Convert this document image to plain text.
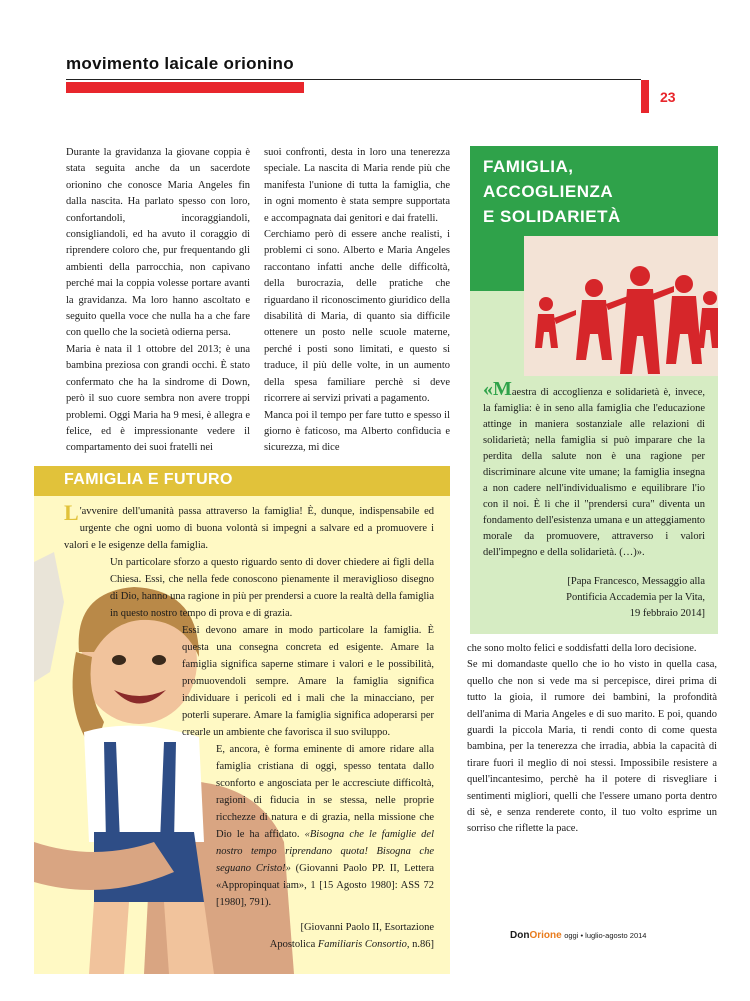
movimento laicale orionino
23

Durante la gravidanza la giovane coppia è stata seguita anche da un sacerdote orionino che conosce Maria Angeles fin dalla nascita. Ha parlato spesso con loro, confortandoli, incoraggiandoli, consigliandoli, ed ha avuto il coraggio di riprendere coloro che, pur frequentando gli ambienti della parrocchia, non capivano perché mai la coppia volesse portare avanti la gravidanza. Ma loro hanno ascoltato e seguito quella voce che nulla ha a che fare con quello che la società odierna persa.

Maria è nata il 1 ottobre del 2013; è una bambina preziosa con grandi occhi. È stato confermato che ha la sindrome di Down, però il suo cuore sembra non avere troppi problemi. Oggi Maria ha 9 mesi, è allegra e felice, ed è impressionante vedere il compartamento dei suoi fratelli nei

suoi confronti, desta in loro una tenerezza speciale. La nascita di Maria rende più che manifesta l'unione di tutta la famiglia, che in ogni momento è stata sempre supportata e accompagnata dai genitori e dai fratelli.

Cerchiamo però di essere anche realisti, i problemi ci sono. Alberto e Maria Angeles raccontano infatti anche delle difficoltà, della burocrazia, delle pratiche che riguardano il riconoscimento giuridico della disabilità di Maria, di quanto sia difficile ottenere un posto nelle scuole materne, perché i posti sono limitati, e questo si traduce, il più delle volte, in un aumento della spesa familiare perchè si deve ricorrere ai servizi privati a pagamento.

Manca poi il tempo per fare tutto e spesso il giorno è faticoso, ma Alberto confiducia e sicurezza, mi dice

FAMIGLIA,
ACCOGLIENZA
E SOLIDARIETÀ
«Maestra di accoglienza e solidarietà è, invece, la famiglia: è in seno alla famiglia che l'educazione attinge in maniera sostanziale alle relazioni di solidarietà; nella famiglia si può imparare che la perdita della salute non è una ragione per discriminare alcune vite umane; la famiglia insegna a non cadere nell'individualismo e equilibrare l'io con il noi. È lì che il "prendersi cura" diventa un fondamento dell'esistenza umana e un atteggiamento morale da promuovere, attraverso i valori dell'impegno e della solidarietà. (…)».
[Papa Francesco, Messaggio alla
Pontificia Accademia per la Vita,
19 febbraio 2014]

che sono molto felici e soddisfatti della loro decisione.

Se mi domandaste quello che io ho visto in quella casa, quello che non si vede ma si percepisce, direi prima di tutto la gioia, il rumore dei bambini, la profondità dell'anima di Maria Angeles e di suo marito. E poi, quando guardi la piccola Maria, ti rendi conto di come questa bambina, per la tenerezza che irradia, abbia la capacità di tirare fuori il meglio di noi stessi. Impossibile resistere a quell'incantesimo, perchè ha il potere di risvegliare i sentimenti migliori, quelli che l'essere umano porta dentro di sè, e senza renderete conto, il tuo volto esprime un sorriso che riflette la pace.

FAMIGLIA E FUTURO
L 'avvenire dell'umanità passa attraverso la famiglia! È, dunque, indispensabile ed urgente che ogni uomo di buona volontà si impegni a salvare ed a promuovere i valori e le esigenze della famiglia.
Un particolare sforzo a questo riguardo sento di dover chiedere ai figli della Chiesa. Essi, che nella fede conoscono pienamente il meraviglioso disegno di Dio, hanno una ragione in più per prendersi a cuore la realtà della famiglia in questo nostro tempo di prova e di grazia.
Essi devono amare in modo particolare la famiglia. È questa una consegna concreta ed esigente. Amare la famiglia significa saperne stimare i valori e le possibilità, promuovendoli sempre. Amare la famiglia significa individuare i pericoli ed i mali che la minacciano, per poterli superare. Amare la famiglia significa adoperarsi per crearle un ambiente che favorisca il suo sviluppo.
E, ancora, è forma eminente di amore ridare alla famiglia cristiana di oggi, spesso tentata dallo sconforto e angosciata per le accresciute difficoltà, ragioni di fiducia in se stessa, nelle proprie ricchezze di natura e di grazia, nella missione che Dio le ha affidato. «Bisogna che le famiglie del nostro tempo riprendano quota! Bisogna che seguano Cristo!» (Giovanni Paolo PP. II, Lettera «Appropinquat iam», 1 [15 Agosto 1980]: ASS 72 [1980], 791).
[Giovanni Paolo II, Esortazione
Apostolica Familiaris Consortio, n.86]
DonOrione oggi • luglio-agosto 2014
